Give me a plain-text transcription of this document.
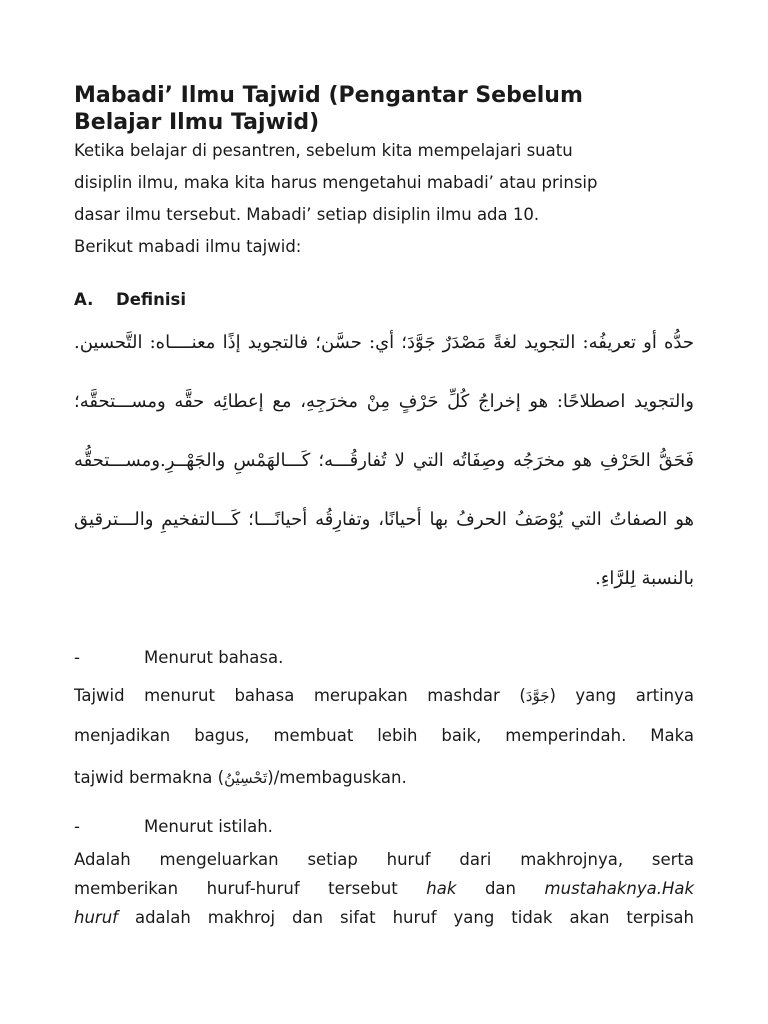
Mabadi’ Ilmu Tajwid (Pengantar Sebelum
Belajar Ilmu Tajwid)

Ketika belajar di pesantren, sebelum kita mempelajari suatu

disiplin ilmu, maka kita harus mengetahui mabadi’ atau prinsip

dasar ilmu tersebut. Mabadi’ setiap disiplin ilmu ada 10.

Berikut mabadi ilmu tajwid:

A. Definisi

حدُّه أو تعريفُه: التجويد لغةً مَصْدَرٌ جَوَّدَ؛ أي: حسَّن؛ فالتجويد إذًا معنــــاه: التَّحسين.

والتجويد اصطلاحًا: هو إخراجُ كُلِّ حَرْفٍ مِنْ مخرَجِهِ، مع إعطائِه حقَّه ومســـتحقَّه؛

فَحَقُّ الحَرْفِ هو مخرَجُه وصِفَاتُه التي لا تُفارقُـــه؛ كَـــالهَمْسِ والجَهْــرِ.ومســـتحقُّه

هو الصفاتُ التي يُوْصَفُ الحرفُ بها أحيانًا، وتفارِقُه أحيانًـــا؛ كَـــالتفخيمِ والـــترقيق

بالنسبة لِلرَّاءِ.

-	Menurut bahasa.

Tajwid menurut bahasa merupakan mashdar (جَوَّدَ) yang artinya

menjadikan bagus, membuat lebih baik, memperindah. Maka

tajwid bermakna (تَحْسِيْنُ)/membaguskan.

-	Menurut istilah.

Adalah mengeluarkan setiap huruf dari makhrojnya, serta

memberikan huruf-huruf tersebut hak dan mustahaknya.Hak

huruf adalah makhroj dan sifat huruf yang tidak akan terpisah
